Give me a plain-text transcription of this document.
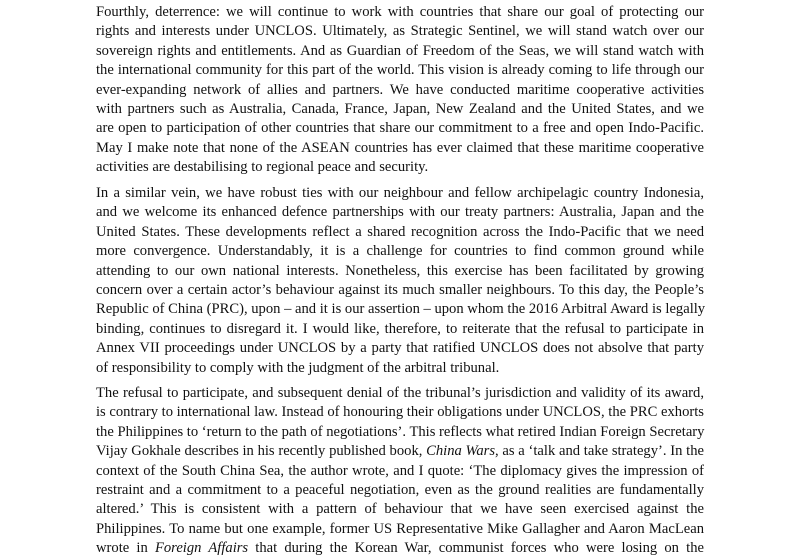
Fourthly, deterrence: we will continue to work with countries that share our goal of protecting our
rights and interests under UNCLOS. Ultimately, as Strategic Sentinel, we will stand watch over our
sovereign rights and entitlements. And as Guardian of Freedom of the Seas, we will stand watch with
the international community for this part of the world. This vision is already coming to life through our
ever-expanding network of allies and partners. We have conducted maritime cooperative activities
with partners such as Australia, Canada, France, Japan, New Zealand and the United States, and we
are open to participation of other countries that share our commitment to a free and open Indo-Pacific.
May I make note that none of the ASEAN countries has ever claimed that these maritime cooperative
activities are destabilising to regional peace and security.
In a similar vein, we have robust ties with our neighbour and fellow archipelagic country Indonesia,
and we welcome its enhanced defence partnerships with our treaty partners: Australia, Japan and the
United States. These developments reflect a shared recognition across the Indo-Pacific that we need
more convergence. Understandably, it is a challenge for countries to find common ground while
attending to our own national interests. Nonetheless, this exercise has been facilitated by growing
concern over a certain actor’s behaviour against its much smaller neighbours. To this day, the People’s
Republic of China (PRC), upon – and it is our assertion – upon whom the 2016 Arbitral Award is legally
binding, continues to disregard it. I would like, therefore, to reiterate that the refusal to participate in
Annex VII proceedings under UNCLOS by a party that ratified UNCLOS does not absolve that party
of responsibility to comply with the judgment of the arbitral tribunal.
The refusal to participate, and subsequent denial of the tribunal’s jurisdiction and validity of its award,
is contrary to international law. Instead of honouring their obligations under UNCLOS, the PRC exhorts
the Philippines to ‘return to the path of negotiations’. This reflects what retired Indian Foreign Secretary
Vijay Gokhale describes in his recently published book, China Wars, as a ‘talk and take strategy’. In the
context of the South China Sea, the author wrote, and I quote: ‘The diplomacy gives the impression of
restraint and a commitment to a peaceful negotiation, even as the ground realities are fundamentally
altered.’ This is consistent with a pattern of behaviour that we have seen exercised against the
Philippines. To name but one example, former US Representative Mike Gallagher and Aaron MacLean
wrote in Foreign Affairs that during the Korean War, communist forces who were losing on the
